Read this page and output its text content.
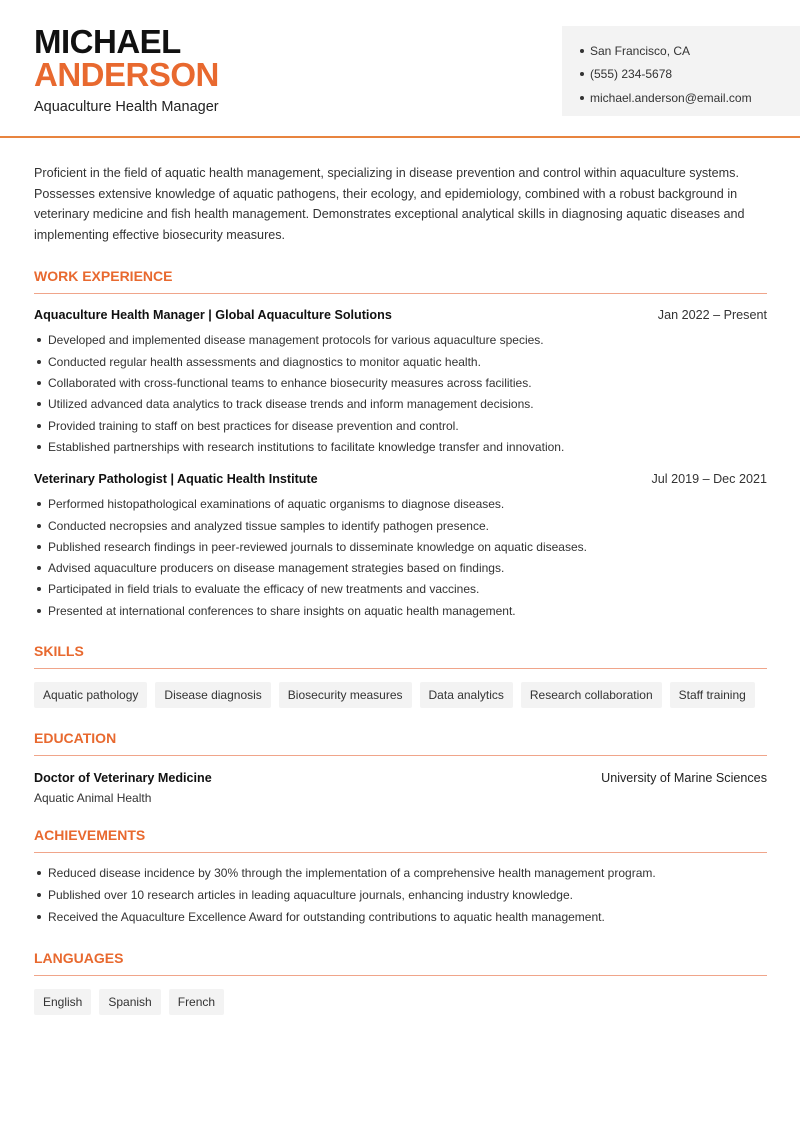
MICHAEL
ANDERSON
Aquaculture Health Manager
San Francisco, CA
(555) 234-5678
michael.anderson@email.com

Proficient in the field of aquatic health management, specializing in disease prevention and control within aquaculture systems. Possesses extensive knowledge of aquatic pathogens, their ecology, and epidemiology, combined with a robust background in veterinary medicine and fish health management. Demonstrates exceptional analytical skills in diagnosing aquatic diseases and implementing effective biosecurity measures.

WORK EXPERIENCE
Aquaculture Health Manager | Global Aquaculture Solutions	Jan 2022 – Present
Developed and implemented disease management protocols for various aquaculture species.
Conducted regular health assessments and diagnostics to monitor aquatic health.
Collaborated with cross-functional teams to enhance biosecurity measures across facilities.
Utilized advanced data analytics to track disease trends and inform management decisions.
Provided training to staff on best practices for disease prevention and control.
Established partnerships with research institutions to facilitate knowledge transfer and innovation.
Veterinary Pathologist | Aquatic Health Institute	Jul 2019 – Dec 2021
Performed histopathological examinations of aquatic organisms to diagnose diseases.
Conducted necropsies and analyzed tissue samples to identify pathogen presence.
Published research findings in peer-reviewed journals to disseminate knowledge on aquatic diseases.
Advised aquaculture producers on disease management strategies based on findings.
Participated in field trials to evaluate the efficacy of new treatments and vaccines.
Presented at international conferences to share insights on aquatic health management.
SKILLS
Aquatic pathology	Disease diagnosis	Biosecurity measures	Data analytics	Research collaboration	Staff training
EDUCATION
Doctor of Veterinary Medicine	University of Marine Sciences
Aquatic Animal Health
ACHIEVEMENTS
Reduced disease incidence by 30% through the implementation of a comprehensive health management program.
Published over 10 research articles in leading aquaculture journals, enhancing industry knowledge.
Received the Aquaculture Excellence Award for outstanding contributions to aquatic health management.
LANGUAGES
English	Spanish	French
